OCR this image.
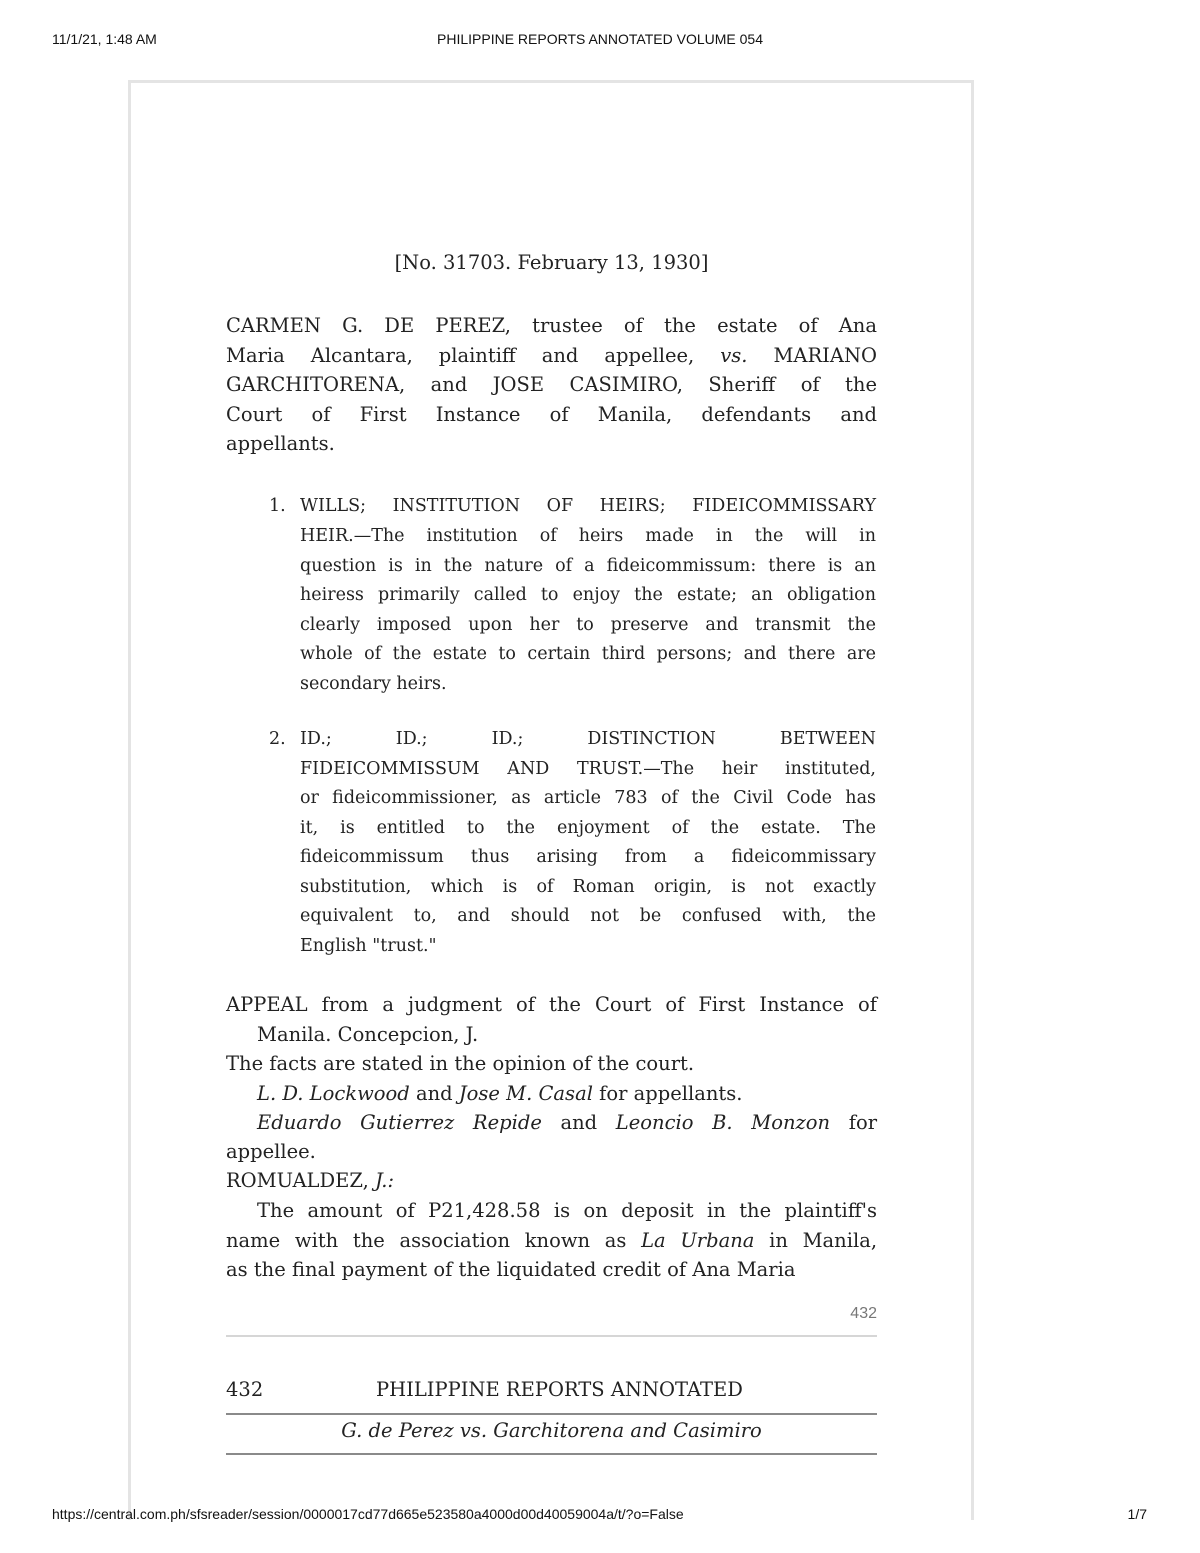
11/1/21, 1:48 AM	PHILIPPINE REPORTS ANNOTATED VOLUME 054
[No. 31703. February 13, 1930]
CARMEN G. DE PEREZ, trustee of the estate of Ana
Maria Alcantara, plaintiff and appellee, vs. MARIANO
GARCHITORENA, and JOSE CASIMIRO, Sheriff of the
Court of First Instance of Manila, defendants and
appellants.
1. WILLS; INSTITUTION OF HEIRS; FIDEICOMMISSARY
HEIR.—The institution of heirs made in the will in
question is in the nature of a fideicommissum: there is an
heiress primarily called to enjoy the estate; an obligation
clearly imposed upon her to preserve and transmit the
whole of the estate to certain third persons; and there are
secondary heirs.
2. ID.; ID.; ID.; DISTINCTION BETWEEN
FIDEICOMMISSUM AND TRUST.—The heir instituted,
or fideicommissioner, as article 783 of the Civil Code has
it, is entitled to the enjoyment of the estate. The
fideicommissum thus arising from a fideicommissary
substitution, which is of Roman origin, is not exactly
equivalent to, and should not be confused with, the
English "trust."
APPEAL from a judgment of the Court of First Instance of
Manila. Concepcion, J.
The facts are stated in the opinion of the court.
L. D. Lockwood and Jose M. Casal for appellants.
Eduardo Gutierrez Repide and Leoncio B. Monzon for
appellee.
ROMUALDEZ, J.:
The amount of P21,428.58 is on deposit in the plaintiff's
name with the association known as La Urbana in Manila,
as the final payment of the liquidated credit of Ana Maria
432
432	PHILIPPINE REPORTS ANNOTATED
G. de Perez vs. Garchitorena and Casimiro
https://central.com.ph/sfsreader/session/0000017cd77d665e523580a4000d00d40059004a/t/?o=False	1/7
